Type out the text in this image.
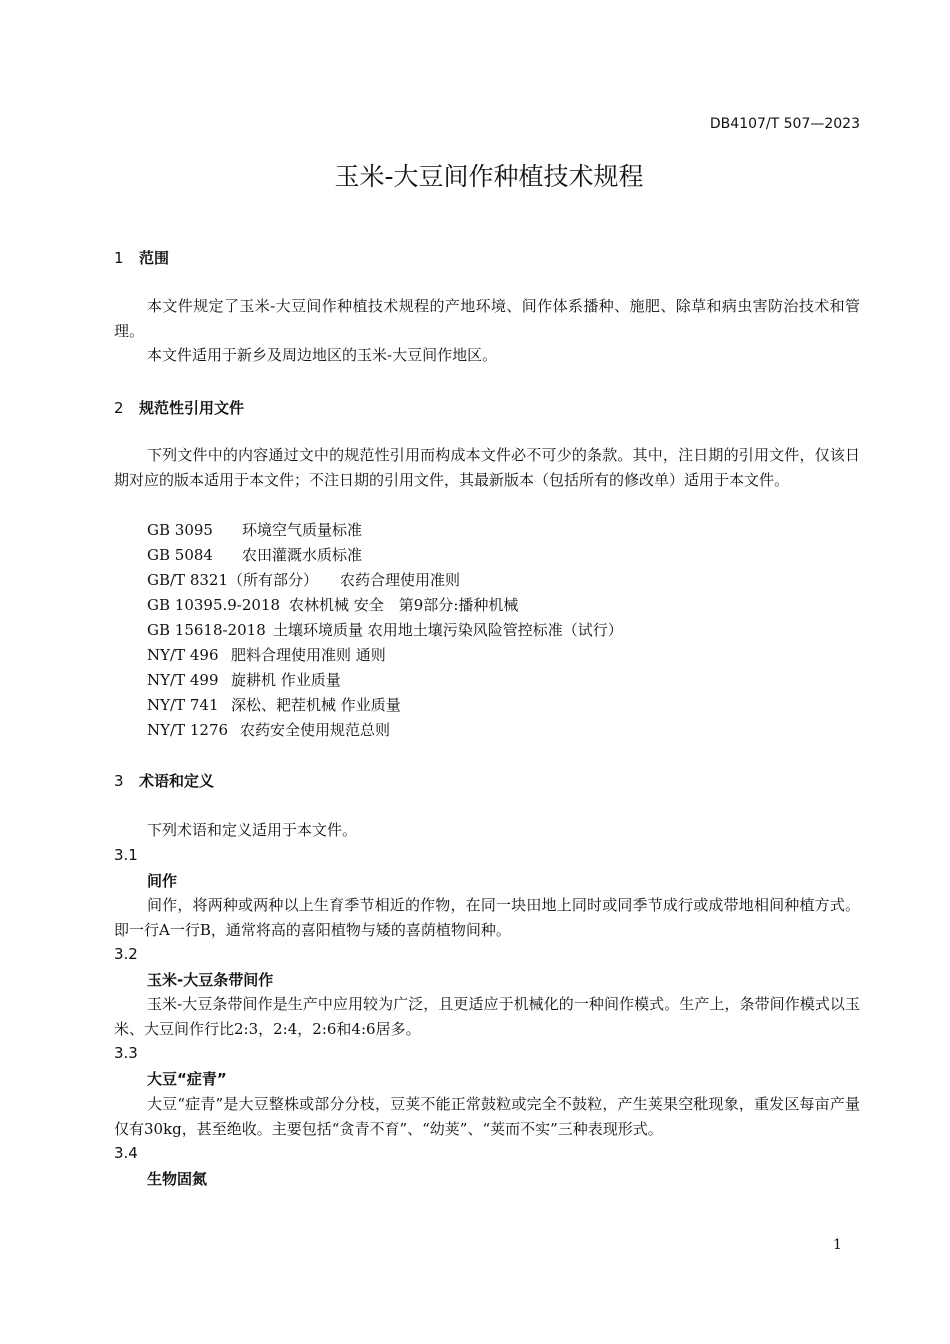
DB4107/T 507—2023
玉米-大豆间作种植技术规程
1 范围
本文件规定了玉米-大豆间作种植技术规程的产地环境、间作体系播种、施肥、除草和病虫害防治技术和管理。
本文件适用于新乡及周边地区的玉米-大豆间作地区。
2 规范性引用文件
下列文件中的内容通过文中的规范性引用而构成本文件必不可少的条款。其中，注日期的引用文件，仅该日期对应的版本适用于本文件；不注日期的引用文件，其最新版本（包括所有的修改单）适用于本文件。
GB 3095 环境空气质量标准
GB 5084 农田灌溉水质标准
GB/T 8321（所有部分） 农药合理使用准则
GB 10395.9-2018 农林机械 安全　第9部分:播种机械
GB 15618-2018 土壤环境质量 农用地土壤污染风险管控标准（试行）
NY/T 496 肥料合理使用准则 通则
NY/T 499 旋耕机 作业质量
NY/T 741 深松、耙茬机械 作业质量
NY/T 1276 农药安全使用规范总则
3 术语和定义
下列术语和定义适用于本文件。
3.1
间作
间作，将两种或两种以上生育季节相近的作物，在同一块田地上同时或同季节成行或成带地相间种植方式。即一行A一行B，通常将高的喜阳植物与矮的喜荫植物间种。
3.2
玉米-大豆条带间作
玉米-大豆条带间作是生产中应用较为广泛，且更适应于机械化的一种间作模式。生产上，条带间作模式以玉米、大豆间作行比2:3，2:4，2:6和4:6居多。
3.3
大豆“症青”
大豆“症青”是大豆整株或部分分枝，豆荚不能正常鼓粒或完全不鼓粒，产生荚果空秕现象，重发区每亩产量仅有30kg，甚至绝收。主要包括“贪青不育”、“幼荚”、“荚而不实”三种表现形式。
3.4
生物固氮
1
